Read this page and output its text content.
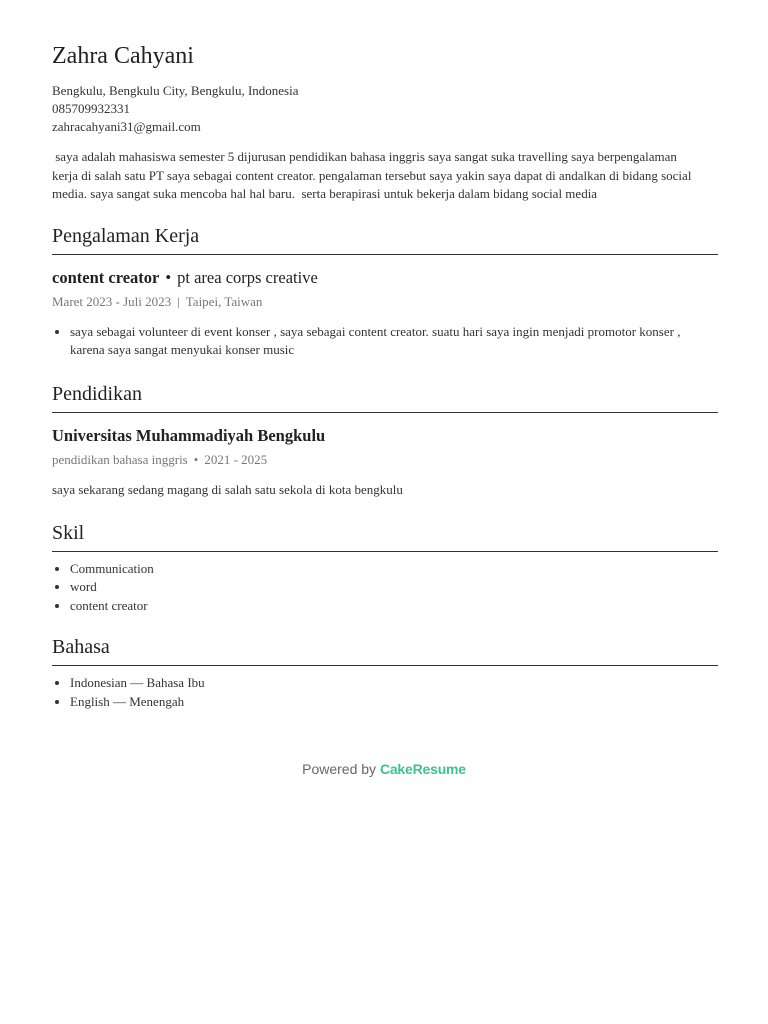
Zahra Cahyani
Bengkulu, Bengkulu City, Bengkulu, Indonesia
085709932331
zahracahyani31@gmail.com
saya adalah mahasiswa semester 5 dijurusan pendidikan bahasa inggris saya sangat suka travelling saya berpengalaman kerja di salah satu PT saya sebagai content creator. pengalaman tersebut saya yakin saya dapat di andalkan di bidang social media. saya sangat suka mencoba hal hal baru.  serta berapirasi untuk bekerja dalam bidang social media
Pengalaman Kerja
content creator • pt area corps creative
Maret 2023 - Juli 2023 | Taipei, Taiwan
• saya sebagai volunteer di event konser , saya sebagai content creator. suatu hari saya ingin menjadi promotor konser , karena saya sangat menyukai konser music
Pendidikan
Universitas Muhammadiyah Bengkulu
pendidikan bahasa inggris • 2021 - 2025
saya sekarang sedang magang di salah satu sekola di kota bengkulu
Skil
• Communication
• word
• content creator
Bahasa
• Indonesian — Bahasa Ibu
• English — Menengah
Powered by CakeResume
